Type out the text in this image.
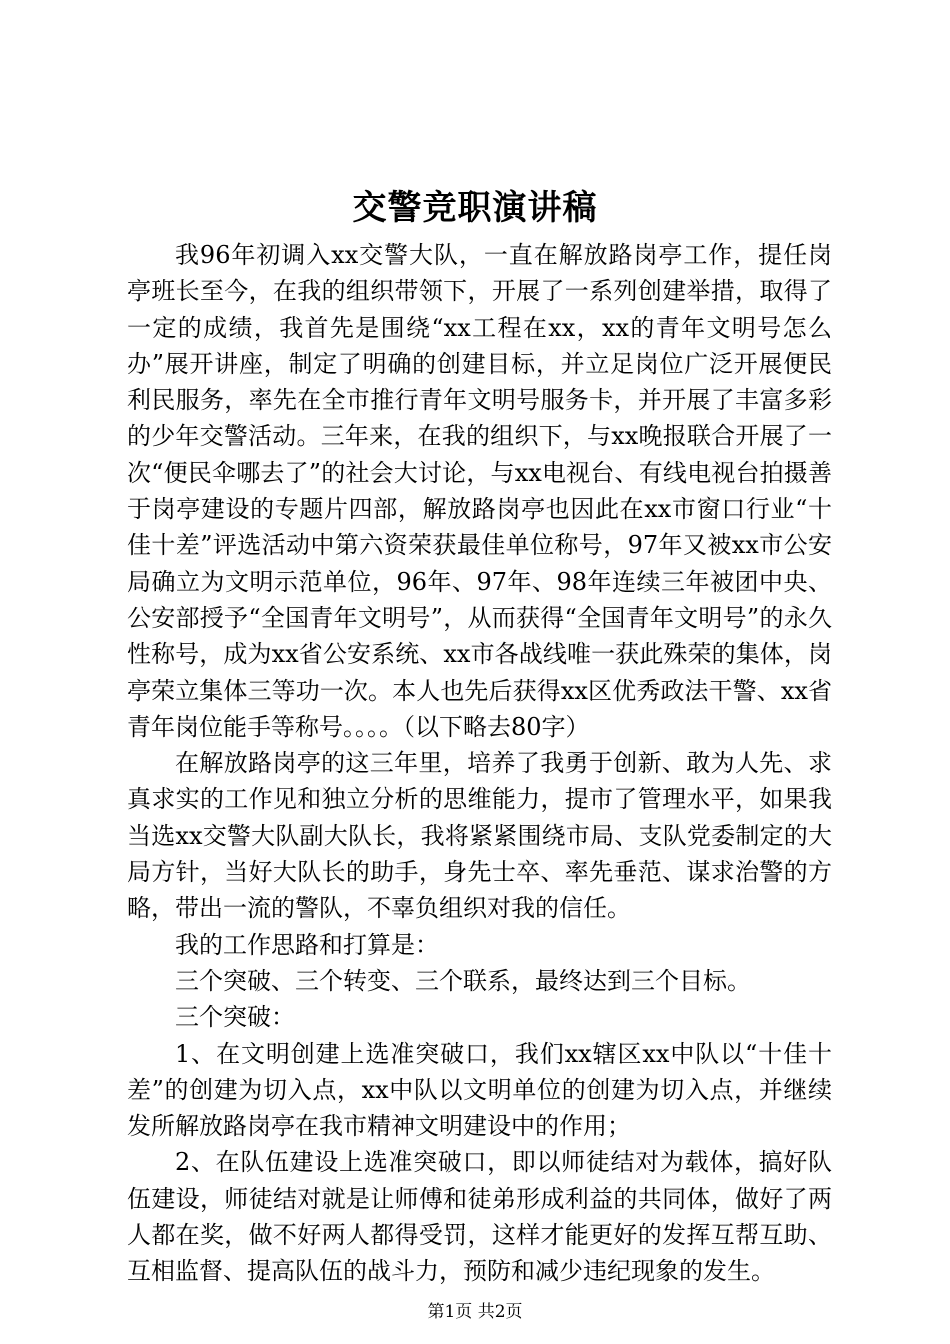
交警竞职演讲稿

我96年初调入xx交警大队，一直在解放路岗亭工作，提任岗亭班长至今，在我的组织带领下，开展了一系列创建举措，取得了一定的成绩，我首先是围绕“xx工程在xx，xx的青年文明号怎么办”展开讲座，制定了明确的创建目标，并立足岗位广泛开展便民利民服务，率先在全市推行青年文明号服务卡，并开展了丰富多彩的少年交警活动。三年来，在我的组织下，与xx晚报联合开展了一次“便民伞哪去了”的社会大讨论，与xx电视台、有线电视台拍摄善于岗亭建设的专题片四部，解放路岗亭也因此在xx市窗口行业“十佳十差”评选活动中第六资荣获最佳单位称号，97年又被xx市公安局确立为文明示范单位，96年、97年、98年连续三年被团中央、公安部授予“全国青年文明号”，从而获得“全国青年文明号”的永久性称号，成为xx省公安系统、xx市各战线唯一获此殊荣的集体，岗亭荣立集体三等功一次。本人也先后获得xx区优秀政法干警、xx省青年岗位能手等称号。。。。（以下略去80字）

在解放路岗亭的这三年里，培养了我勇于创新、敢为人先、求真求实的工作见和独立分析的思维能力，提市了管理水平，如果我当选xx交警大队副大队长，我将紧紧围绕市局、支队党委制定的大局方针，当好大队长的助手，身先士卒、率先垂范、谋求治警的方略，带出一流的警队，不辜负组织对我的信任。

我的工作思路和打算是：

三个突破、三个转变、三个联系，最终达到三个目标。

三个突破：

1、在文明创建上选准突破口，我们xx辖区xx中队以“十佳十差”的创建为切入点，xx中队以文明单位的创建为切入点，并继续发所解放路岗亭在我市精神文明建设中的作用；

2、在队伍建设上选准突破口，即以师徒结对为载体，搞好队伍建设，师徒结对就是让师傅和徒弟形成利益的共同体，做好了两人都在奖，做不好两人都得受罚，这样才能更好的发挥互帮互助、互相监督、提高队伍的战斗力，预防和减少违纪现象的发生。

第1页 共2页
